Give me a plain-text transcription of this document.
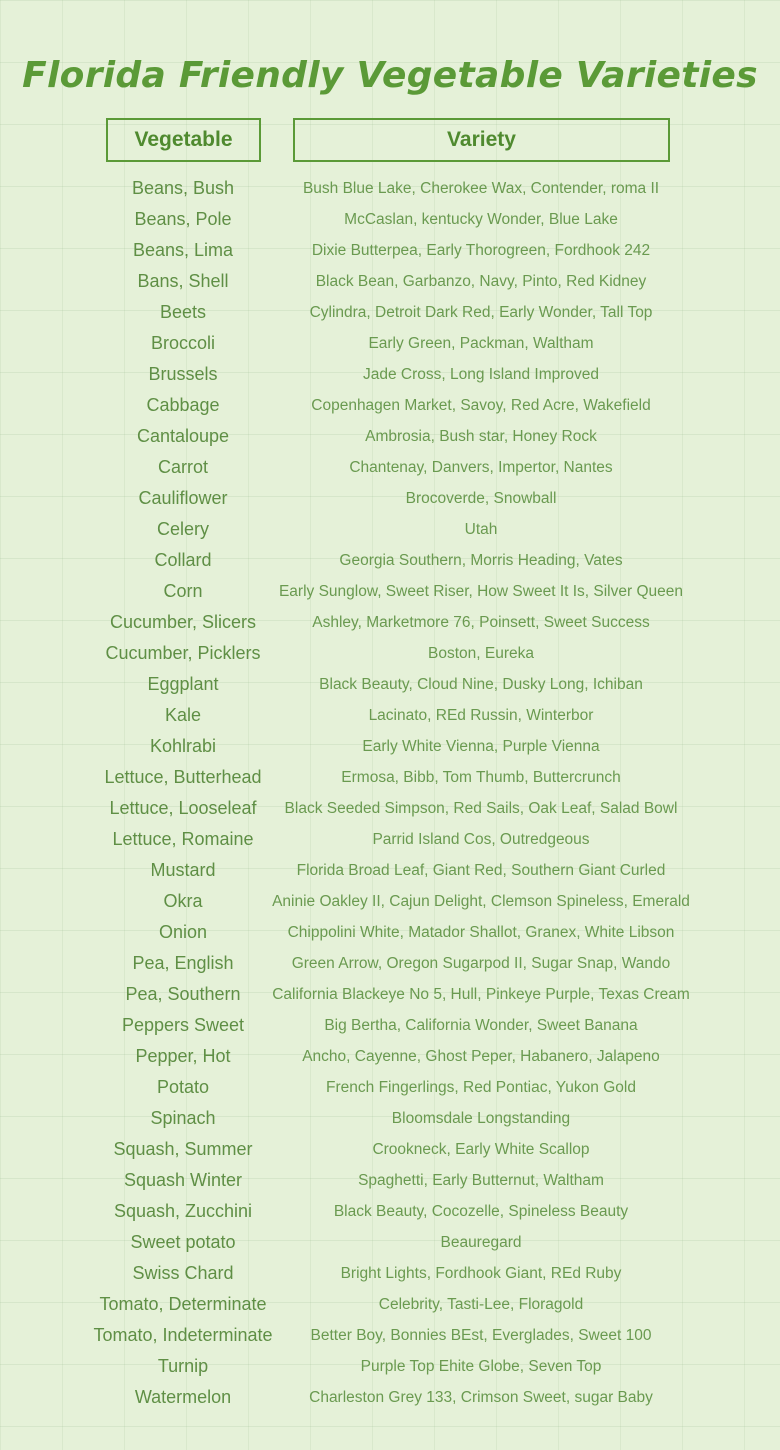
Florida Friendly Vegetable Varieties
Vegetable	Variety
Beans, Bush	Bush Blue Lake, Cherokee Wax, Contender, roma II
Beans, Pole	McCaslan, kentucky Wonder, Blue Lake
Beans, Lima	Dixie Butterpea, Early Thorogreen, Fordhook 242
Bans, Shell	Black Bean, Garbanzo, Navy, Pinto, Red Kidney
Beets	Cylindra, Detroit Dark Red, Early Wonder, Tall Top
Broccoli	Early Green, Packman, Waltham
Brussels	Jade Cross, Long Island Improved
Cabbage	Copenhagen Market, Savoy, Red Acre, Wakefield
Cantaloupe	Ambrosia, Bush star, Honey Rock
Carrot	Chantenay, Danvers, Impertor, Nantes
Cauliflower	Brocoverde, Snowball
Celery	Utah
Collard	Georgia Southern, Morris Heading, Vates
Corn	Early Sunglow, Sweet Riser, How Sweet It Is, Silver Queen
Cucumber, Slicers	Ashley, Marketmore 76, Poinsett, Sweet Success
Cucumber, Picklers	Boston, Eureka
Eggplant	Black Beauty, Cloud Nine, Dusky Long, Ichiban
Kale	Lacinato, REd Russin, Winterbor
Kohlrabi	Early White Vienna, Purple Vienna
Lettuce, Butterhead	Ermosa, Bibb, Tom Thumb, Buttercrunch
Lettuce, Looseleaf	Black Seeded Simpson, Red Sails, Oak Leaf, Salad Bowl
Lettuce, Romaine	Parrid Island Cos, Outredgeous
Mustard	Florida Broad Leaf, Giant Red, Southern Giant Curled
Okra	Aninie Oakley II, Cajun Delight, Clemson Spineless, Emerald
Onion	Chippolini White, Matador Shallot, Granex, White Libson
Pea, English	Green Arrow, Oregon Sugarpod II, Sugar Snap, Wando
Pea, Southern	California Blackeye No 5, Hull, Pinkeye Purple, Texas Cream
Peppers Sweet	Big Bertha, California Wonder, Sweet Banana
Pepper, Hot	Ancho, Cayenne, Ghost Peper, Habanero, Jalapeno
Potato	French Fingerlings, Red Pontiac, Yukon Gold
Spinach	Bloomsdale Longstanding
Squash, Summer	Crookneck, Early White Scallop
Squash Winter	Spaghetti, Early Butternut, Waltham
Squash, Zucchini	Black Beauty, Cocozelle, Spineless Beauty
Sweet potato	Beauregard
Swiss Chard	Bright Lights, Fordhook Giant, REd Ruby
Tomato, Determinate	Celebrity, Tasti-Lee, Floragold
Tomato, Indeterminate	Better Boy, Bonnies BEst, Everglades, Sweet 100
Turnip	Purple Top Ehite Globe, Seven Top
Watermelon	Charleston Grey 133, Crimson Sweet, sugar Baby
